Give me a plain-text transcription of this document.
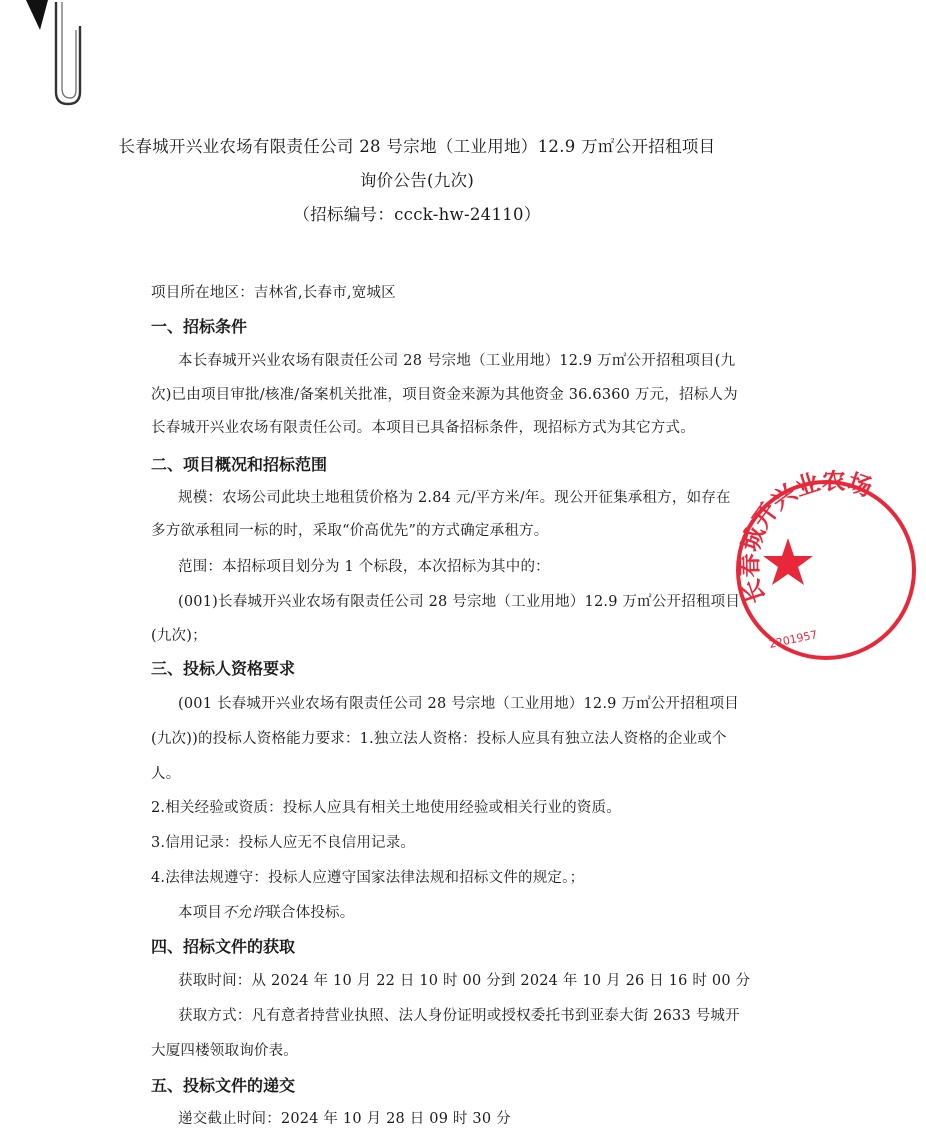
长春城开兴业农场有限责任公司 28 号宗地（工业用地）12.9 万㎡公开招租项目
询价公告(九次)
（招标编号：ccck-hw-24110）
项目所在地区：吉林省,长春市,宽城区
一、招标条件
本长春城开兴业农场有限责任公司 28 号宗地（工业用地）12.9 万㎡公开招租项目(九
次)已由项目审批/核准/备案机关批准，项目资金来源为其他资金 36.6360 万元，招标人为
长春城开兴业农场有限责任公司。本项目已具备招标条件，现招标方式为其它方式。
二、项目概况和招标范围
规模：农场公司此块土地租赁价格为 2.84 元/平方米/年。现公开征集承租方，如存在
多方欲承租同一标的时，采取“价高优先”的方式确定承租方。
范围：本招标项目划分为 1 个标段，本次招标为其中的：
(001)长春城开兴业农场有限责任公司 28 号宗地（工业用地）12.9 万㎡公开招租项目
(九次)；
三、投标人资格要求
(001 长春城开兴业农场有限责任公司 28 号宗地（工业用地）12.9 万㎡公开招租项目
(九次))的投标人资格能力要求：1.独立法人资格：投标人应具有独立法人资格的企业或个
人。
2.相关经验或资质：投标人应具有相关土地使用经验或相关行业的资质。
3.信用记录：投标人应无不良信用记录。
4.法律法规遵守：投标人应遵守国家法律法规和招标文件的规定。；
本项目不允许联合体投标。
四、招标文件的获取
获取时间：从 2024 年 10 月 22 日 10 时 00 分到 2024 年 10 月 26 日 16 时 00 分
获取方式：凡有意者持营业执照、法人身份证明或授权委托书到亚泰大街 2633 号城开
大厦四楼领取询价表。
五、投标文件的递交
递交截止时间：2024 年 10 月 28 日 09 时 30 分
长春城开兴业农场
2201957
